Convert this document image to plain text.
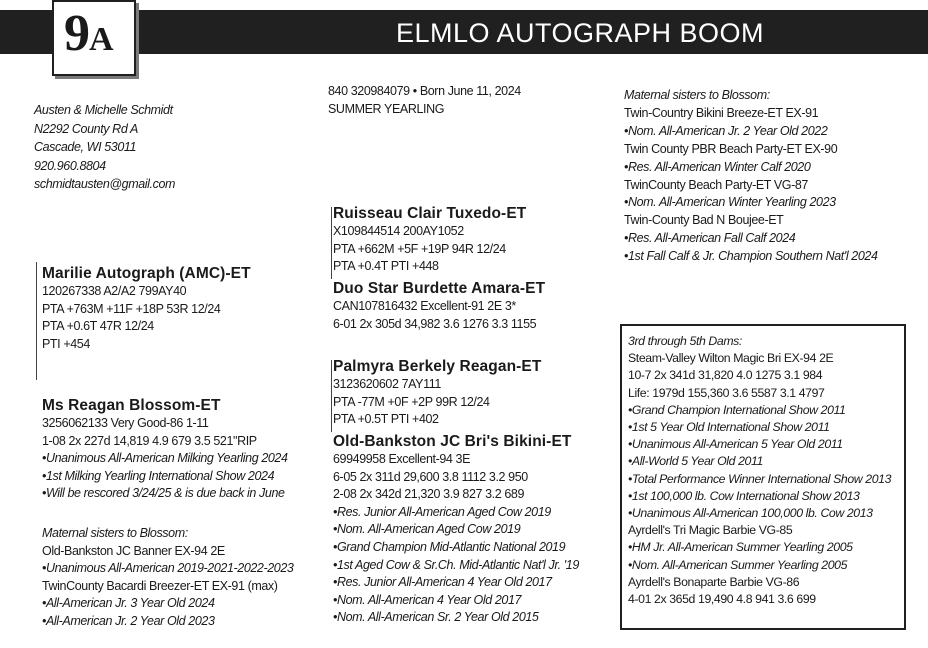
ELMLO AUTOGRAPH BOOM
9A
Austen & Michelle Schmidt
N2292 County Rd A
Cascade, WI 53011
920.960.8804
schmidtausten@gmail.com
840 320984079 • Born June 11, 2024
SUMMER YEARLING
Marilie Autograph (AMC)-ET
120267338 A2/A2 799AY40
PTA +763M +11F +18P 53R 12/24
PTA +0.6T 47R 12/24
PTI +454
Ms Reagan Blossom-ET
3256062133 Very Good-86 1-11
1-08 2x 227d 14,819 4.9 679 3.5 521"RIP
•Unanimous All-American Milking Yearling 2024
•1st Milking Yearling International Show 2024
•Will be rescored 3/24/25 & is due back in June
Maternal sisters to Blossom:
Old-Bankston JC Banner EX-94 2E
•Unanimous All-American 2019-2021-2022-2023
TwinCounty Bacardi Breezer-ET EX-91 (max)
•All-American Jr. 3 Year Old 2024
•All-American Jr. 2 Year Old 2023
Ruisseau Clair Tuxedo-ET
X109844514 200AY1052
PTA +662M +5F +19P 94R 12/24
PTA +0.4T PTI +448
Duo Star Burdette Amara-ET
CAN107816432 Excellent-91 2E 3*
6-01 2x 305d 34,982 3.6 1276 3.3 1155
Palmyra Berkely Reagan-ET
3123620602 7AY111
PTA -77M +0F +2P 99R 12/24
PTA +0.5T PTI +402
Old-Bankston JC Bri's Bikini-ET
69949958 Excellent-94 3E
6-05 2x 311d 29,600 3.8 1112 3.2 950
2-08 2x 342d 21,320 3.9 827 3.2 689
•Res. Junior All-American Aged Cow 2019
•Nom. All-American Aged Cow 2019
•Grand Champion Mid-Atlantic National 2019
•1st Aged Cow & Sr.Ch. Mid-Atlantic Nat'l Jr. '19
•Res. Junior All-American 4 Year Old 2017
•Nom. All-American 4 Year Old 2017
•Nom. All-American Sr. 2 Year Old 2015
Maternal sisters to Blossom:
Twin-Country Bikini Breeze-ET EX-91
•Nom. All-American Jr. 2 Year Old 2022
Twin County PBR Beach Party-ET EX-90
•Res. All-American Winter Calf 2020
TwinCounty Beach Party-ET VG-87
•Nom. All-American Winter Yearling 2023
Twin-County Bad N Boujee-ET
•Res. All-American Fall Calf 2024
•1st Fall Calf & Jr. Champion Southern Nat'l 2024
3rd through 5th Dams:
Steam-Valley Wilton Magic Bri EX-94 2E
10-7 2x 341d 31,820 4.0 1275 3.1 984
Life: 1979d 155,360 3.6 5587 3.1 4797
•Grand Champion International Show 2011
•1st 5 Year Old International Show 2011
•Unanimous All-American 5 Year Old 2011
•All-World 5 Year Old 2011
•Total Performance Winner International Show 2013
•1st 100,000 lb. Cow International Show 2013
•Unanimous All-American 100,000 lb. Cow 2013
Ayrdell's Tri Magic Barbie VG-85
•HM Jr. All-American Summer Yearling 2005
•Nom. All-American Summer Yearling 2005
Ayrdell's Bonaparte Barbie VG-86
4-01 2x 365d 19,490 4.8 941 3.6 699
